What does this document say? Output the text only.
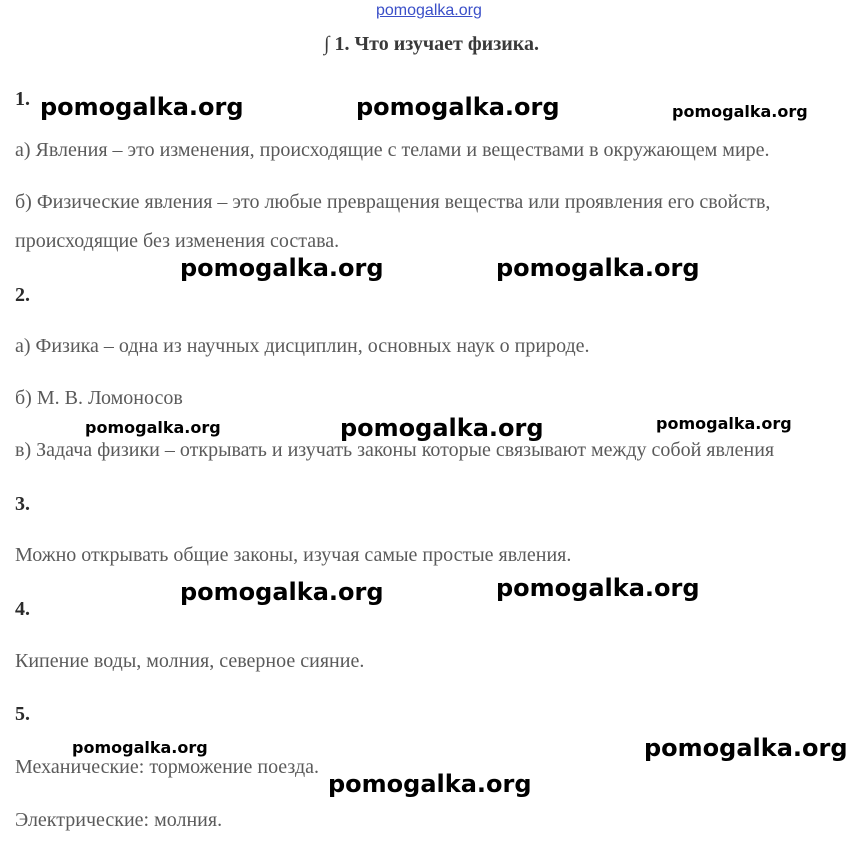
pomogalka.org
∫ 1. Что изучает физика.
1.
а) Явления – это изменения, происходящие с телами и веществами в окружающем мире.
б) Физические явления – это любые превращения вещества или проявления его свойств,
происходящие без изменения состава.
2.
а) Физика – одна из научных дисциплин, основных наук о природе.
б) М. В. Ломоносов
в) Задача физики – открывать и изучать законы которые связывают между собой явления
3.
Можно открывать общие законы, изучая самые простые явления.
4.
Кипение воды, молния, северное сияние.
5.
Механические: торможение поезда.
Электрические: молния.
pomogalka.org	pomogalka.org	pomogalka.org
pomogalka.org	pomogalka.org
pomogalka.org	pomogalka.org	pomogalka.org
pomogalka.org	pomogalka.org
pomogalka.org	pomogalka.org
pomogalka.org
